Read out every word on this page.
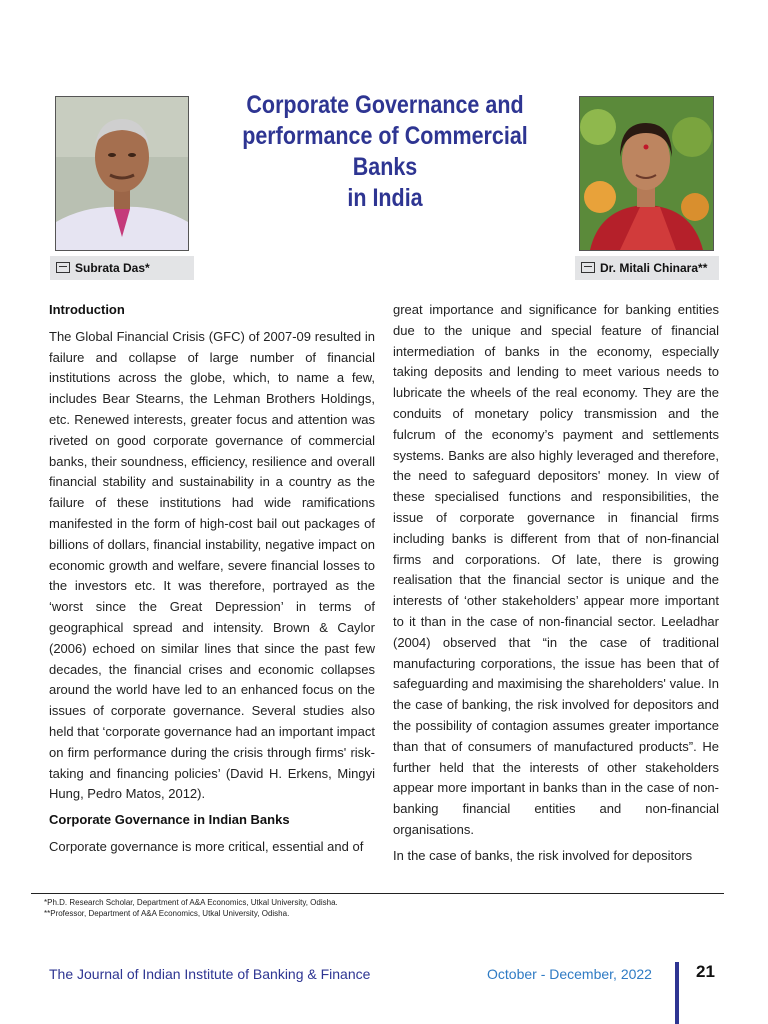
Corporate Governance and
performance of Commercial Banks
in India
Subrata Das*	Dr. Mitali Chinara**
Introduction

The Global Financial Crisis (GFC) of 2007-09 resulted in failure and collapse of large number of financial institutions across the globe, which, to name a few, includes Bear Stearns, the Lehman Brothers Holdings, etc. Renewed interests, greater focus and attention was riveted on good corporate governance of commercial banks, their soundness, efficiency, resilience and overall financial stability and sustainability in a country as the failure of these institutions had wide ramifications manifested in the form of high-cost bail out packages of billions of dollars, financial instability, negative impact on economic growth and welfare, severe financial losses to the investors etc. It was therefore, portrayed as the ‘worst since the Great Depression’ in terms of geographical spread and intensity. Brown & Caylor (2006) echoed on similar lines that since the past few decades, the financial crises and economic collapses around the world have led to an enhanced focus on the issues of corporate governance. Several studies also held that ‘corporate governance had an important impact on firm performance during the crisis through firms' risk-taking and financing policies’ (David H. Erkens, Mingyi Hung, Pedro Matos, 2012).

Corporate Governance in Indian Banks

Corporate governance is more critical, essential and of

great importance and significance for banking entities due to the unique and special feature of financial intermediation of banks in the economy, especially taking deposits and lending to meet various needs to lubricate the wheels of the real economy. They are the conduits of monetary policy transmission and the fulcrum of the economy’s payment and settlements systems. Banks are also highly leveraged and therefore, the need to safeguard depositors' money. In view of these specialised functions and responsibilities, the issue of corporate governance in financial firms including banks is different from that of non-financial firms and corporations. Of late, there is growing realisation that the financial sector is unique and the interests of ‘other stakeholders’ appear more important to it than in the case of non-financial sector. Leeladhar (2004) observed that “in the case of traditional manufacturing corporations, the issue has been that of safeguarding and maximising the shareholders' value. In the case of banking, the risk involved for depositors and the possibility of contagion assumes greater importance than that of consumers of manufactured products”. He further held that the interests of other stakeholders appear more important in banks than in the case of non-banking financial entities and non-financial organisations.

In the case of banks, the risk involved for depositors

*Ph.D. Research Scholar, Department of A&A Economics, Utkal University, Odisha.
**Professor, Department of A&A Economics, Utkal University, Odisha.
The Journal of Indian Institute of Banking & Finance	October - December, 2022	21
